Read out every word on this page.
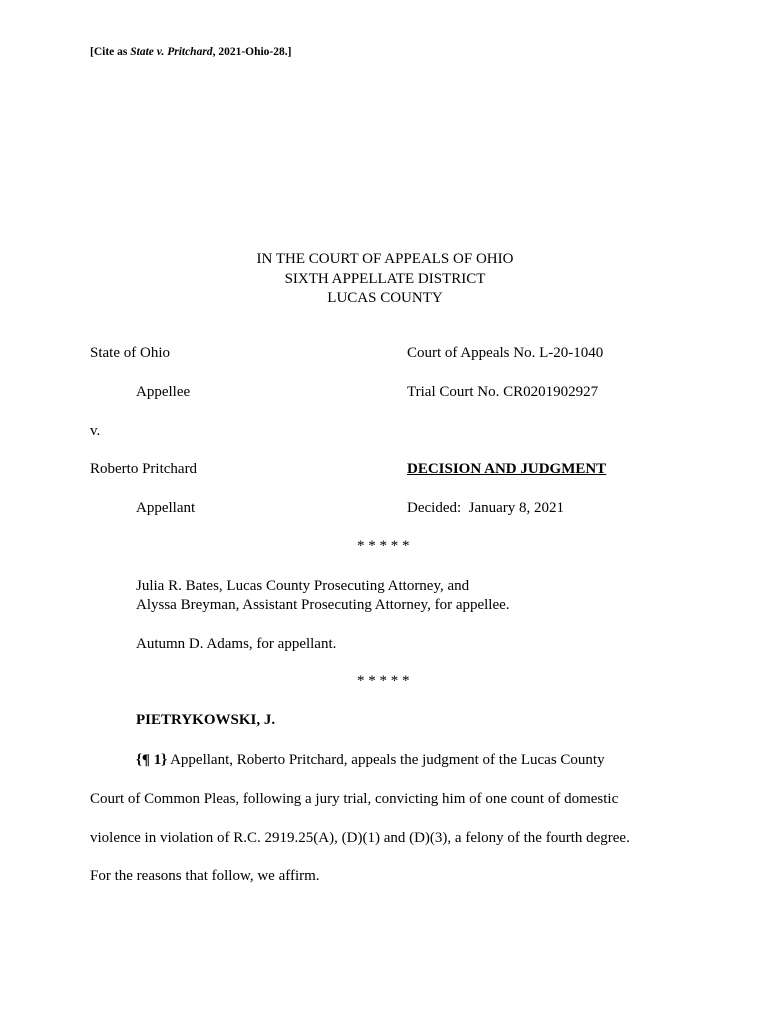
[Cite as State v. Pritchard, 2021-Ohio-28.]
IN THE COURT OF APPEALS OF OHIO
SIXTH APPELLATE DISTRICT
LUCAS COUNTY
State of Ohio
Appellee
v.
Roberto Pritchard
Appellant
Court of Appeals No. L-20-1040
Trial Court No. CR0201902927
DECISION AND JUDGMENT
Decided:  January 8, 2021
* * * * *
Julia R. Bates, Lucas County Prosecuting Attorney, and
Alyssa Breyman, Assistant Prosecuting Attorney, for appellee.
Autumn D. Adams, for appellant.
* * * * *
PIETRYKOWSKI, J.
{¶ 1} Appellant, Roberto Pritchard, appeals the judgment of the Lucas County
Court of Common Pleas, following a jury trial, convicting him of one count of domestic
violence in violation of R.C. 2919.25(A), (D)(1) and (D)(3), a felony of the fourth degree.
For the reasons that follow, we affirm.
